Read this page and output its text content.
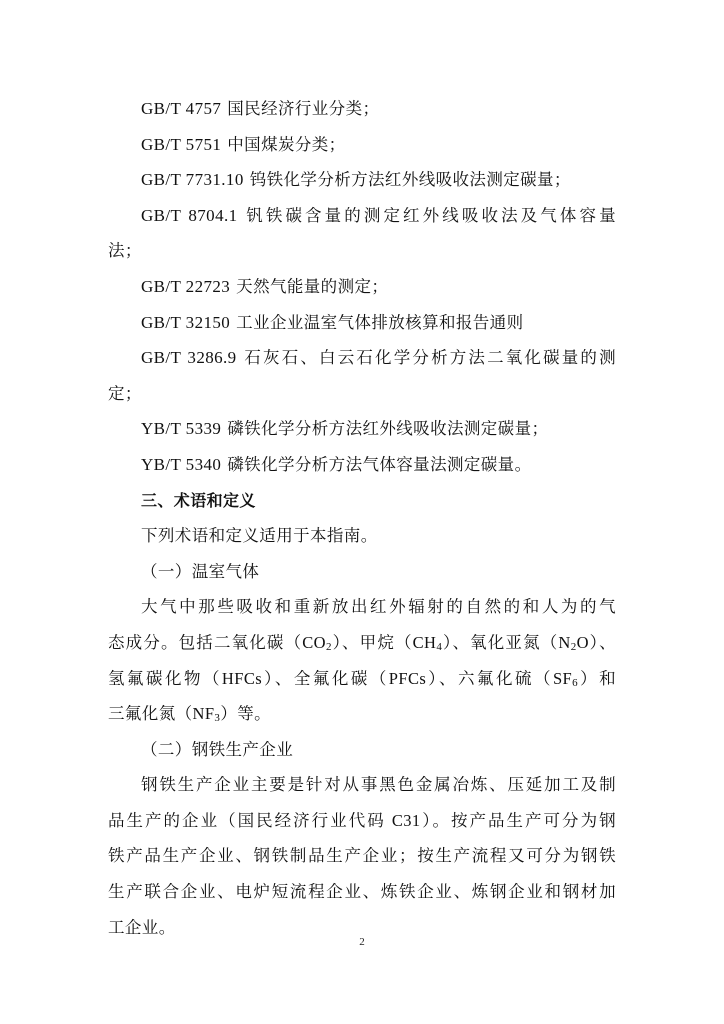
GB/T 4757 国民经济行业分类；
GB/T 5751 中国煤炭分类；
GB/T 7731.10 钨铁化学分析方法红外线吸收法测定碳量；
GB/T 8704.1 钒铁碳含量的测定红外线吸收法及气体容量
法；
GB/T 22723 天然气能量的测定；
GB/T 32150 工业企业温室气体排放核算和报告通则
GB/T 3286.9 石灰石、白云石化学分析方法二氧化碳量的测
定；
YB/T 5339 磷铁化学分析方法红外线吸收法测定碳量；
YB/T 5340 磷铁化学分析方法气体容量法测定碳量。
三、术语和定义
下列术语和定义适用于本指南。
（一）温室气体
大气中那些吸收和重新放出红外辐射的自然的和人为的气
态成分。包括二氧化碳$(CO_2)$、甲烷$(CH_4)$、氧化亚氮$(N_2O)$、
氢氟碳化物（HFCs）、全氟化碳（PFCs）、六氟化硫$(SF_6)$和
三氟化氮$(NF_3)$等。
（二）钢铁生产企业
钢铁生产企业主要是针对从事黑色金属冶炼、压延加工及制
品生产的企业（国民经济行业代码 C31）。按产品生产可分为钢
铁产品生产企业、钢铁制品生产企业；按生产流程又可分为钢铁
生产联合企业、电炉短流程企业、炼铁企业、炼钢企业和钢材加
工企业。
2
